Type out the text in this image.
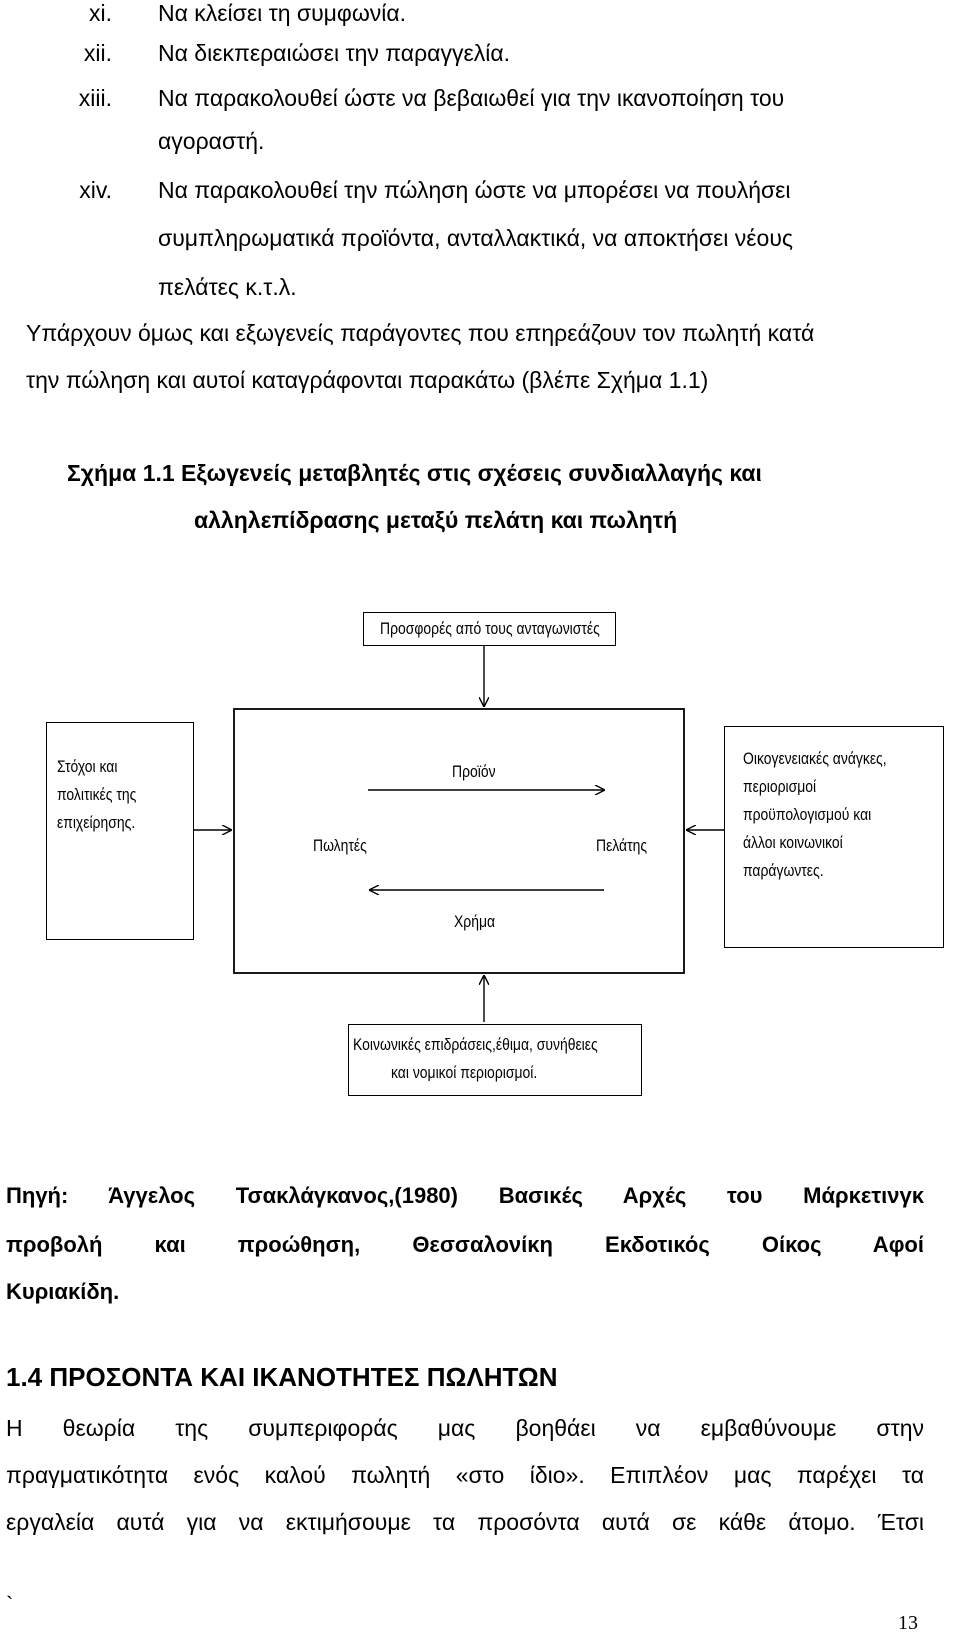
xi. Να κλείσει τη συμφωνία.
xii. Να διεκπεραιώσει την παραγγελία.
xiii. Να παρακολουθεί ώστε να βεβαιωθεί για την ικανοποίηση του
αγοραστή.
xiv. Να παρακολουθεί την πώληση ώστε να μπορέσει να πουλήσει
συμπληρωματικά προϊόντα, ανταλλακτικά, να αποκτήσει νέους
πελάτες κ.τ.λ.
Υπάρχουν όμως και εξωγενείς παράγοντες που επηρεάζουν τον πωλητή κατά
την πώληση και αυτοί καταγράφονται παρακάτω (βλέπε Σχήμα 1.1)
Σχήμα 1.1 Εξωγενείς μεταβλητές στις σχέσεις συνδιαλλαγής και
αλληλεπίδρασης μεταξύ πελάτη και πωλητή
Προσφορές από τους ανταγωνιστές
Στόχοι και
πολιτικές της
επιχείρησης.
Οικογενειακές ανάγκες,
περιορισμοί
προϋπολογισμού και
άλλοι κοινωνικοί
παράγωντες.
Προϊόν
Πωλητές	Πελάτης
Χρήμα
Κοινωνικές επιδράσεις,έθιμα, συνήθειες
και νομικοί περιορισμοί.
Πηγή: Άγγελος Τσακλάγκανος,(1980) Βασικές Αρχές του Μάρκετινγκ
προβολή και προώθηση, Θεσσαλονίκη Εκδοτικός Οίκος Αφοί
Κυριακίδη.
1.4 ΠΡΟΣΟΝΤΑ ΚΑΙ ΙΚΑΝΟΤΗΤΕΣ ΠΩΛΗΤΩΝ
Η θεωρία της συμπεριφοράς μας βοηθάει να εμβαθύνουμε στην
πραγματικότητα ενός καλού πωλητή «στο ίδιο». Επιπλέον μας παρέχει τα
εργαλεία αυτά για να εκτιμήσουμε τα προσόντα αυτά σε κάθε άτομο. Έτσι
`
13
